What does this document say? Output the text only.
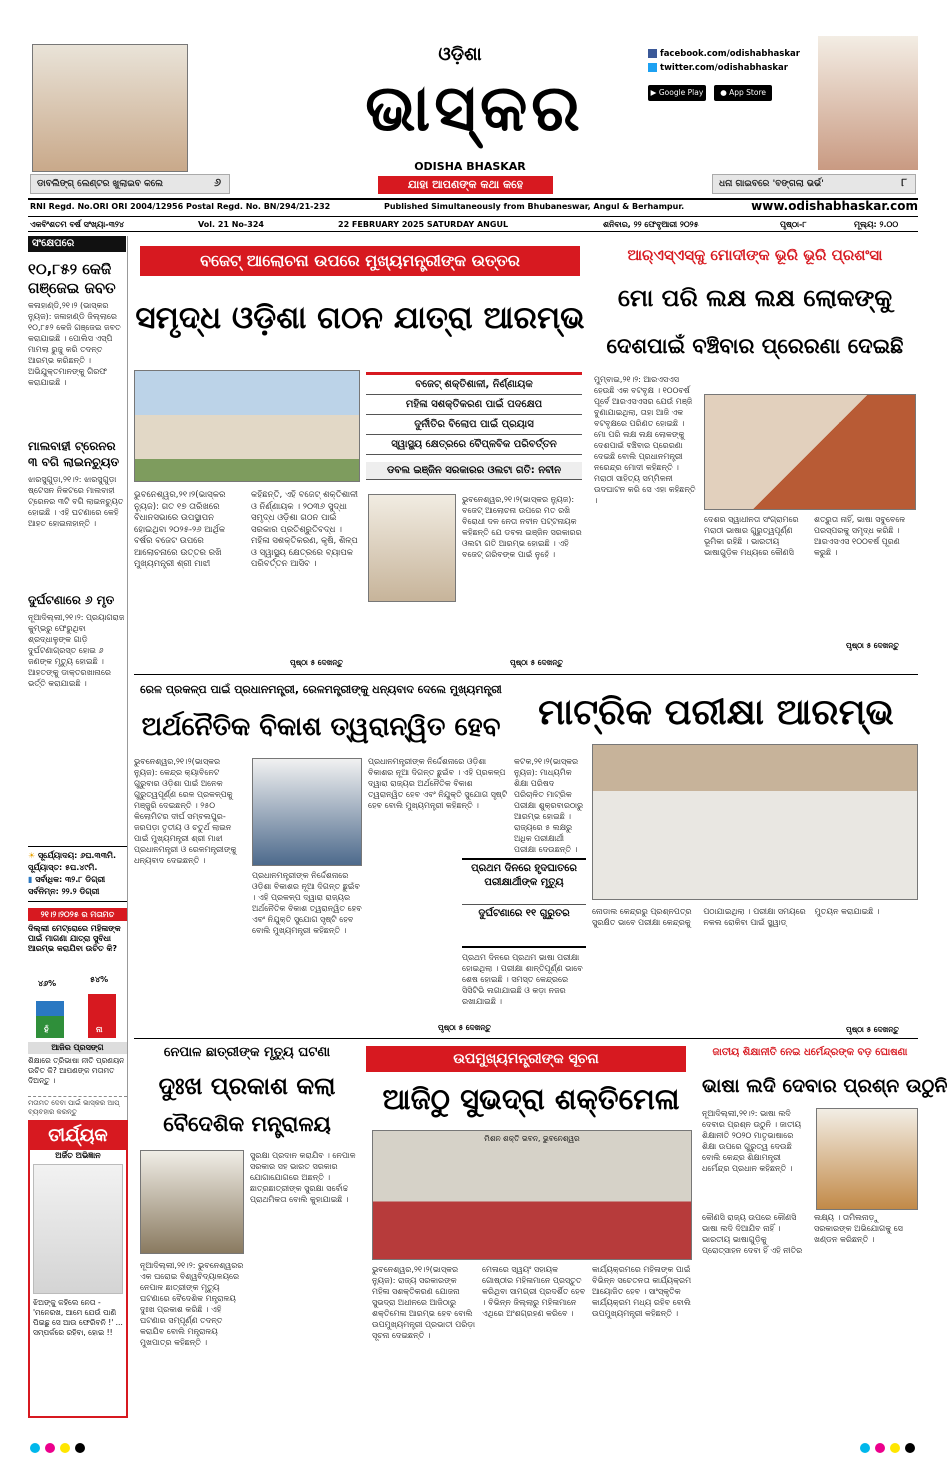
ଡାବଲିଙ୍ଗ୍ ଲେଣ୍ଟର ଖୁଲାଇବ କଲେ	୬
ଓଡ଼ିଶା
ଭାସ୍କର
ODISHA BHASKAR
ଯାହା ଆପଣଙ୍କ କଥା କହେ
facebook.com/odishabhaskar
twitter.com/odishabhaskar
▶ Google Play ● App Store
ଧନା ଗାଇବରେ 'ବଙ୍ଗଲା ଭର୍ଭ'	୮
RNI Regd. No.ORI ORI 2004/12956 Postal Regd. No. BN/294/21-232	Published Simultaneously from Bhubaneswar, Angul & Berhampur.	www.odishabhaskar.com
ଏକବିଂଶତମ ବର୍ଷ ସଂଖ୍ୟା-୩୨୪	Vol. 21 No-324	22 FEBRUARY 2025 SATURDAY ANGUL	ଶନିବାର, ୨୨ ଫେବୃଆରୀ ୨୦୨୫	ପୃଷ୍ଠା-୮	ମୂଲ୍ୟ: ୨.୦୦
ସଂକ୍ଷେପରେ
୧୦,୮୫୨ କେଜି ଗଞ୍ଜେଇ ଜବତ
କଳାହାଣ୍ଡି,୨୧।୨ (ଭାସ୍କର ନ୍ୟୁଜ): ଜଳାହାଣ୍ଡି ଜିଲ୍ଲାରେ ୧୦,୮୫୨ କେଜି ଗଞ୍ଜେଇ ଜବତ କରାଯାଇଛି । ପୋଲିସ ଏସ୍ପି ମାମଲା ରୁଜୁ କରି ତଦନ୍ତ ଆରମ୍ଭ କରିଛନ୍ତି । ଅଭିଯୁକ୍ତମାନଙ୍କୁ ଗିରଫ କରାଯାଇଛି ।
ମାଲବାହୀ ଟ୍ରେନର ୩ ବଗି ଲାଇନଚ୍ୟୁତ
ଝାରସୁଗୁଡ଼ା,୨୧।୨: ଝାରସୁଗୁଡ଼ା ଷ୍ଟେସନ ନିକଟରେ ମାଲବାହୀ ଟ୍ରେନର ୩ଟି ବଗି ଲାଇନଚ୍ୟୁତ ହୋଇଛି । ଏହି ଘଟଣାରେ କେହି ଆହତ ହୋଇନାହାନ୍ତି ।
ଦୁର୍ଘଟଣାରେ ୬ ମୃତ
ନୂଆଦିଲ୍ଲୀ,୨୧।୨: ପ୍ରୟାଗରାଜ କୁମ୍ଭରୁ ଫେରୁଥିବା ଶ୍ରଦ୍ଧାଳୁଙ୍କ ଗାଡ଼ି ଦୁର୍ଘଟଣାଗ୍ରସ୍ତ ହୋଇ ୬ ଜଣଙ୍କ ମୃତ୍ୟୁ ହୋଇଛି । ଆହତଙ୍କୁ ଡାକ୍ତରଖାନାରେ ଭର୍ତ୍ତି କରାଯାଇଛି ।
☀ ସୂର୍ଯ୍ୟୋଦୟ: ୬ଘ.୩୩ମି.
ସୂର୍ଯ୍ୟାସ୍ତ: ୫ଘ.୪୯ମି.
▮ ସର୍ବାଧିକ: ୩୨.୮ ଡିଗ୍ରୀ
ସର୍ବନିମ୍ନ: ୨୨.୨ ଡିଗ୍ରୀ
୨୧।୨।୨୦୨୫ ର ମତାମତ
ଦିଲ୍ଲୀ ମେଟ୍ରୋରେ ମହିଳାଙ୍କ ପାଇଁ ମାଗଣା ଯାତ୍ରା ସୁବିଧା ଆରମ୍ଭ କରାଯିବା ଉଚିତ କି?
୪୬%	୫୪%
ହଁ	ନା
ଆଜିର ପ୍ରସଙ୍ଗ
ଶିକ୍ଷାରେ ତ୍ରିଭାଷା ନୀତି ପ୍ରଣୟନ ଉଚିତ କି? ଆପଣଙ୍କ ମତାମତ ଦିଅନ୍ତୁ ।
ମତାମତ ଦେବା ପାଇଁ ଭାସ୍କର ଆପ୍ ବ୍ୟବହାର କରନ୍ତୁ
ତୀର୍ଯ୍ୟକ
ଅର୍ଜିତ ଅଭିଜ୍ଞାନ
ଝିଅଙ୍କୁ କହିଲେ ନେତା - 'ମନେରଖ, ଆମେ ଯେଉଁ ପାଣି ପିଇଛୁ ସେ ଆଉ ଫେରିବନି !' ... ସମ୍ପର୍କରେ ରହିବା, ହୋଇ !!
ବଜେଟ୍ ଆଲୋଚନା ଉପରେ ମୁଖ୍ୟମନ୍ତ୍ରୀଙ୍କ ଉତ୍ତର
ସମୃଦ୍ଧ ଓଡ଼ିଶା ଗଠନ ଯାତ୍ରା ଆରମ୍ଭ
ବଜେଟ୍ ଶକ୍ତିଶାଳୀ, ନିର୍ଣ୍ଣାୟକ
ମହିଳା ସଶକ୍ତିକରଣ ପାଇଁ ପଦକ୍ଷେପ
ଦୁର୍ନୀତିର ବିଲୋପ ପାଇଁ ପ୍ରୟାସ
ସ୍ୱାସ୍ଥ୍ୟ କ୍ଷେତ୍ରରେ ବୈପ୍ଳବିକ ପରିବର୍ତ୍ତନ
ଭୁବନେଶ୍ୱର,୨୧।୨(ଭାସ୍କର ନ୍ୟୁଜ): ଗତ ୧୭ ତାରିଖରେ ବିଧାନସଭାରେ ଉପସ୍ଥାପନ ହୋଇଥିବା ୨୦୨୫-୨୬ ଆର୍ଥିକ ବର୍ଷର ବଜେଟ ଉପରେ ଆଲୋଚନାରେ ଉତ୍ତର ରଖି ମୁଖ୍ୟମନ୍ତ୍ରୀ ଶ୍ରୀ ମାଝୀ କହିଛନ୍ତି, ଏହି ବଜେଟ୍ ଶକ୍ତିଶାଳୀ ଓ ନିର୍ଣ୍ଣାୟକ । ୨୦୩୬ ସୁଦ୍ଧା ସମୃଦ୍ଧ ଓଡ଼ିଶା ଗଠନ ପାଇଁ ସରକାର ପ୍ରତିଶ୍ରୁତିବଦ୍ଧ । ମହିଳା ସଶକ୍ତିକରଣ, କୃଷି, ଶିଳ୍ପ ଓ ସ୍ୱାସ୍ଥ୍ୟ କ୍ଷେତ୍ରରେ ବ୍ୟାପକ ପରିବର୍ତ୍ତନ ଆସିବ ।
ପୃଷ୍ଠା ୫ ଦେଖନ୍ତୁ
ଡବଲ ଇଞ୍ଜିନ ସରକାରର ଓଲଟା ଗତି: ନବୀନ
ଭୁବନେଶ୍ୱର,୨୧।୨(ଭାସ୍କର ନ୍ୟୁଜ): ବଜେଟ୍ ଆଲୋଚନା ଉପରେ ମତ ରଖି ବିରୋଧୀ ଦଳ ନେତା ନବୀନ ପଟ୍ଟନାୟକ କହିଛନ୍ତି ଯେ ଡବଲ ଇଞ୍ଜିନ ସରକାରର ଓଲଟା ଗତି ଆରମ୍ଭ ହୋଇଛି । ଏହି ବଜେଟ୍ ଗରିବଙ୍କ ପାଇଁ ନୁହେଁ ।
ପୃଷ୍ଠା ୫ ଦେଖନ୍ତୁ
ଆର୍‌ଏସ୍‌ଏସ୍‌କୁ ମୋଦୀଙ୍କ ଭୂରି ଭୂରି ପ୍ରଶଂସା
ମୋ ପରି ଲକ୍ଷ ଲକ୍ଷ ଲୋକଙ୍କୁ
ଦେଶପାଇଁ ବଞ୍ଚିବାର ପ୍ରେରଣା ଦେଇଛି
ମୁମ୍ବାଇ,୨୧।୨: ଆରଏସଏସ ହେଉଛି ଏକ ବଟବୃକ୍ଷ । ୧୦୦ବର୍ଷ ପୂର୍ବେ ଆରଏସଏସର ଯେଉଁ ମଞ୍ଜି ବୁଣାଯାଇଥିଲା, ତାହା ଆଜି ଏକ ବଟବୃକ୍ଷରେ ପରିଣତ ହୋଇଛି । ମୋ ପରି ଲକ୍ଷ ଲକ୍ଷ ଲୋକଙ୍କୁ ଦେଶପାଇଁ ବଞ୍ଚିବାର ପ୍ରେରଣା ଦେଇଛି ବୋଲି ପ୍ରଧାନମନ୍ତ୍ରୀ ନରେନ୍ଦ୍ର ମୋଦୀ କହିଛନ୍ତି । ମରାଠୀ ସାହିତ୍ୟ ସମ୍ମିଳନୀ ଉଦଘାଟନ କରି ସେ ଏହା କହିଛନ୍ତି ।
ଦେଶର ସ୍ୱାଧୀନତା ସଂଗ୍ରାମରେ ମରାଠୀ ଭାଷାର ଗୁରୁତ୍ୱପୂର୍ଣ୍ଣ ଭୂମିକା ରହିଛି । ଭାରତୀୟ ଭାଷାଗୁଡ଼ିକ ମଧ୍ୟରେ କୌଣସି ଶତ୍ରୁତା ନାହିଁ, ଭାଷା ସବୁବେଳେ ପରସ୍ପରକୁ ସମୃଦ୍ଧ କରିଛି । ଆରଏସଏସ ୧୦୦ବର୍ଷ ପୂରଣ କରୁଛି ।
ପୃଷ୍ଠା ୫ ଦେଖନ୍ତୁ
ରେଳ ପ୍ରକଳ୍ପ ପାଇଁ ପ୍ରଧାନମନ୍ତ୍ରୀ, ରେଳମନ୍ତ୍ରୀଙ୍କୁ ଧନ୍ୟବାଦ ଦେଲେ ମୁଖ୍ୟମନ୍ତ୍ରୀ
ଅର୍ଥନୈତିକ ବିକାଶ ତ୍ୱରାନ୍ୱିତ ହେବ
ଭୁବନେଶ୍ୱର,୨୧।୨(ଭାସ୍କର ନ୍ୟୁଜ): କେନ୍ଦ୍ର କ୍ୟାବିନେଟ ଗୁରୁବାର ଓଡ଼ିଶା ପାଇଁ ଅନେକ ଗୁରୁତ୍ୱପୂର୍ଣ୍ଣ ରେଳ ପ୍ରକଳ୍ପକୁ ମଞ୍ଜୁରି ଦେଇଛନ୍ତି । ୨୫୦ କିଲୋମିଟର ଦୀର୍ଘ ସମ୍ବଲପୁର-ଜରପଡ଼ା ତୃତୀୟ ଓ ଚତୁର୍ଥ ଲାଇନ ପାଇଁ ମୁଖ୍ୟମନ୍ତ୍ରୀ ଶ୍ରୀ ମାଝୀ ପ୍ରଧାନମନ୍ତ୍ରୀ ଓ ରେଳମନ୍ତ୍ରୀଙ୍କୁ ଧନ୍ୟବାଦ ଦେଇଛନ୍ତି ।
ପ୍ରଧାନମନ୍ତ୍ରୀଙ୍କ ନିର୍ଦ୍ଦେଶନାରେ ଓଡ଼ିଶା ବିକାଶର ନୂଆ ଦିଗନ୍ତ ଛୁଇଁବ । ଏହି ପ୍ରକଳ୍ପ ଦ୍ୱାରା ରାଜ୍ୟର ଅର୍ଥନୈତିକ ବିକାଶ ତ୍ୱରାନ୍ୱିତ ହେବ ଏବଂ ନିଯୁକ୍ତି ସୁଯୋଗ ସୃଷ୍ଟି ହେବ ବୋଲି ମୁଖ୍ୟମନ୍ତ୍ରୀ କହିଛନ୍ତି ।
ପ୍ରଧାନମନ୍ତ୍ରୀଙ୍କ ନିର୍ଦ୍ଦେଶନାରେ ଓଡ଼ିଶା ବିକାଶର ନୂଆ ଦିଗନ୍ତ ଛୁଇଁବ । ଏହି ପ୍ରକଳ୍ପ ଦ୍ୱାରା ରାଜ୍ୟର ଅର୍ଥନୈତିକ ବିକାଶ ତ୍ୱରାନ୍ୱିତ ହେବ ଏବଂ ନିଯୁକ୍ତି ସୁଯୋଗ ସୃଷ୍ଟି ହେବ ବୋଲି ମୁଖ୍ୟମନ୍ତ୍ରୀ କହିଛନ୍ତି ।
ପୃଷ୍ଠା ୫ ଦେଖନ୍ତୁ
ମାଟ୍ରିକ ପରୀକ୍ଷା ଆରମ୍ଭ
କଟକ,୨୧।୨(ଭାସ୍କର ନ୍ୟୁଜ): ମାଧ୍ୟମିକ ଶିକ୍ଷା ପରିଷଦ ପରିଚାଳିତ ମାଟ୍ରିକ ପରୀକ୍ଷା ଶୁକ୍ରବାରଠାରୁ ଆରମ୍ଭ ହୋଇଛି । ରାଜ୍ୟରେ ୫ ଲକ୍ଷରୁ ଅଧିକ ପରୀକ୍ଷାର୍ଥୀ ପରୀକ୍ଷା ଦେଉଛନ୍ତି ।
ପ୍ରଥମ ଦିନରେ ହୃଦଘାତରେ ପରୀକ୍ଷାର୍ଥୀଙ୍କ ମୃତ୍ୟୁ
ଦୁର୍ଘଟଣାରେ ୧୧ ଗୁରୁତର
ପ୍ରଥମ ଦିନରେ ପ୍ରଥମ ଭାଷା ପରୀକ୍ଷା ହୋଇଥିଲା । ପରୀକ୍ଷା ଶାନ୍ତିପୂର୍ଣ୍ଣ ଭାବେ ଶେଷ ହୋଇଛି । ସମସ୍ତ କେନ୍ଦ୍ରରେ ସିସିଟିଭି ଲଗାଯାଇଛି ଓ କଡ଼ା ନଜର ରଖାଯାଇଛି ।
ନୋଡାଲ କେନ୍ଦ୍ରରୁ ପ୍ରଶ୍ନପତ୍ର ସୁରକ୍ଷିତ ଭାବେ ପରୀକ୍ଷା କେନ୍ଦ୍ରକୁ ପଠାଯାଇଥିଲା । ପରୀକ୍ଷା ସମୟରେ ନକଲ ରୋକିବା ପାଇଁ ସ୍କ୍ୱାଡ୍ ମୁତୟନ କରାଯାଇଛି ।
ପୃଷ୍ଠା ୫ ଦେଖନ୍ତୁ
ନେପାଳ ଛାତ୍ରୀଙ୍କ ମୃତ୍ୟୁ ଘଟଣା
ଦୁଃଖ ପ୍ରକାଶ କଲା
ବୈଦେଶିକ ମନ୍ତ୍ରାଳୟ
ନୂଆଦିଲ୍ଲୀ,୨୧।୨: ଭୁବନେଶ୍ୱରର ଏକ ଘରୋଇ ବିଶ୍ୱବିଦ୍ୟାଳୟରେ ନେପାଳ ଛାତ୍ରୀଙ୍କ ମୃତ୍ୟୁ ଘଟଣାରେ ବୈଦେଶିକ ମନ୍ତ୍ରାଳୟ ଦୁଃଖ ପ୍ରକାଶ କରିଛି । ଏହି ଘଟଣାର ସମ୍ପୂର୍ଣ୍ଣ ତଦନ୍ତ କରାଯିବ ବୋଲି ମନ୍ତ୍ରାଳୟ ମୁଖପାତ୍ର କହିଛନ୍ତି ।
ସୁରକ୍ଷା ପ୍ରଦାନ କରାଯିବ । ନେପାଳ ସରକାର ସହ ଭାରତ ସରକାର ଯୋଗାଯୋଗରେ ଅଛନ୍ତି । ଛାତ୍ରଛାତ୍ରୀଙ୍କ ସୁରକ୍ଷା ସର୍ବୋଚ୍ଚ ପ୍ରାଥମିକତା ବୋଲି କୁହାଯାଇଛି ।
ଉପମୁଖ୍ୟମନ୍ତ୍ରୀଙ୍କ ସୂଚନା
ଆଜିଠୁ ସୁଭଦ୍ରା ଶକ୍ତିମେଳା
ମିଶନ ଶକ୍ତି ଭବନ, ଭୁବନେଶ୍ୱର
ଭୁବନେଶ୍ୱର,୨୧।୨(ଭାସ୍କର ନ୍ୟୁଜ): ରାଜ୍ୟ ସରକାରଙ୍କ ମହିଳା ସଶକ୍ତିକରଣ ଯୋଜନା ସୁଭଦ୍ରା ଅଧୀନରେ ଆଜିଠାରୁ ଶକ୍ତିମେଳା ଆରମ୍ଭ ହେବ ବୋଲି ଉପମୁଖ୍ୟମନ୍ତ୍ରୀ ପ୍ରଭାତୀ ପରିଡ଼ା ସୂଚନା ଦେଇଛନ୍ତି ।
ମେଳାରେ ସ୍ୱୟଂ ସହାୟକ ଗୋଷ୍ଠୀର ମହିଳାମାନେ ପ୍ରସ୍ତୁତ କରିଥିବା ସାମଗ୍ରୀ ପ୍ରଦର୍ଶିତ ହେବ । ବିଭିନ୍ନ ଜିଲ୍ଲାରୁ ମହିଳାମାନେ ଏଥିରେ ଅଂଶଗ୍ରହଣ କରିବେ ।
କାର୍ଯ୍ୟକ୍ରମରେ ମହିଳାଙ୍କ ପାଇଁ ବିଭିନ୍ନ ସଚେତନତା କାର୍ଯ୍ୟକ୍ରମ ଆୟୋଜିତ ହେବ । ସାଂସ୍କୃତିକ କାର୍ଯ୍ୟକ୍ରମ ମଧ୍ୟ ରହିବ ବୋଲି ଉପମୁଖ୍ୟମନ୍ତ୍ରୀ କହିଛନ୍ତି ।
ଜାତୀୟ ଶିକ୍ଷାନୀତି ନେଇ ଧର୍ମେନ୍ଦ୍ରଙ୍କ ବଡ଼ ଘୋଷଣା
ଭାଷା ଲଦି ଦେବାର ପ୍ରଶ୍ନ ଉଠୁନି
ନୂଆଦିଲ୍ଲୀ,୨୧।୨: ଭାଷା ଲଦି ଦେବାର ପ୍ରଶ୍ନ ଉଠୁନି । ଜାତୀୟ ଶିକ୍ଷାନୀତି ୨୦୨୦ ମାତୃଭାଷାରେ ଶିକ୍ଷା ଉପରେ ଗୁରୁତ୍ୱ ଦେଉଛି ବୋଲି କେନ୍ଦ୍ର ଶିକ୍ଷାମନ୍ତ୍ରୀ ଧର୍ମେନ୍ଦ୍ର ପ୍ରଧାନ କହିଛନ୍ତି ।
କୌଣସି ରାଜ୍ୟ ଉପରେ କୌଣସି ଭାଷା ଲଦି ଦିଆଯିବ ନାହିଁ । ଭାରତୀୟ ଭାଷାଗୁଡ଼ିକୁ ପ୍ରୋତ୍ସାହନ ଦେବା ହିଁ ଏହି ନୀତିର ଲକ୍ଷ୍ୟ । ତାମିଲନାଡ଼ୁ ସରକାରଙ୍କ ଅଭିଯୋଗକୁ ସେ ଖଣ୍ଡନ କରିଛନ୍ତି ।
